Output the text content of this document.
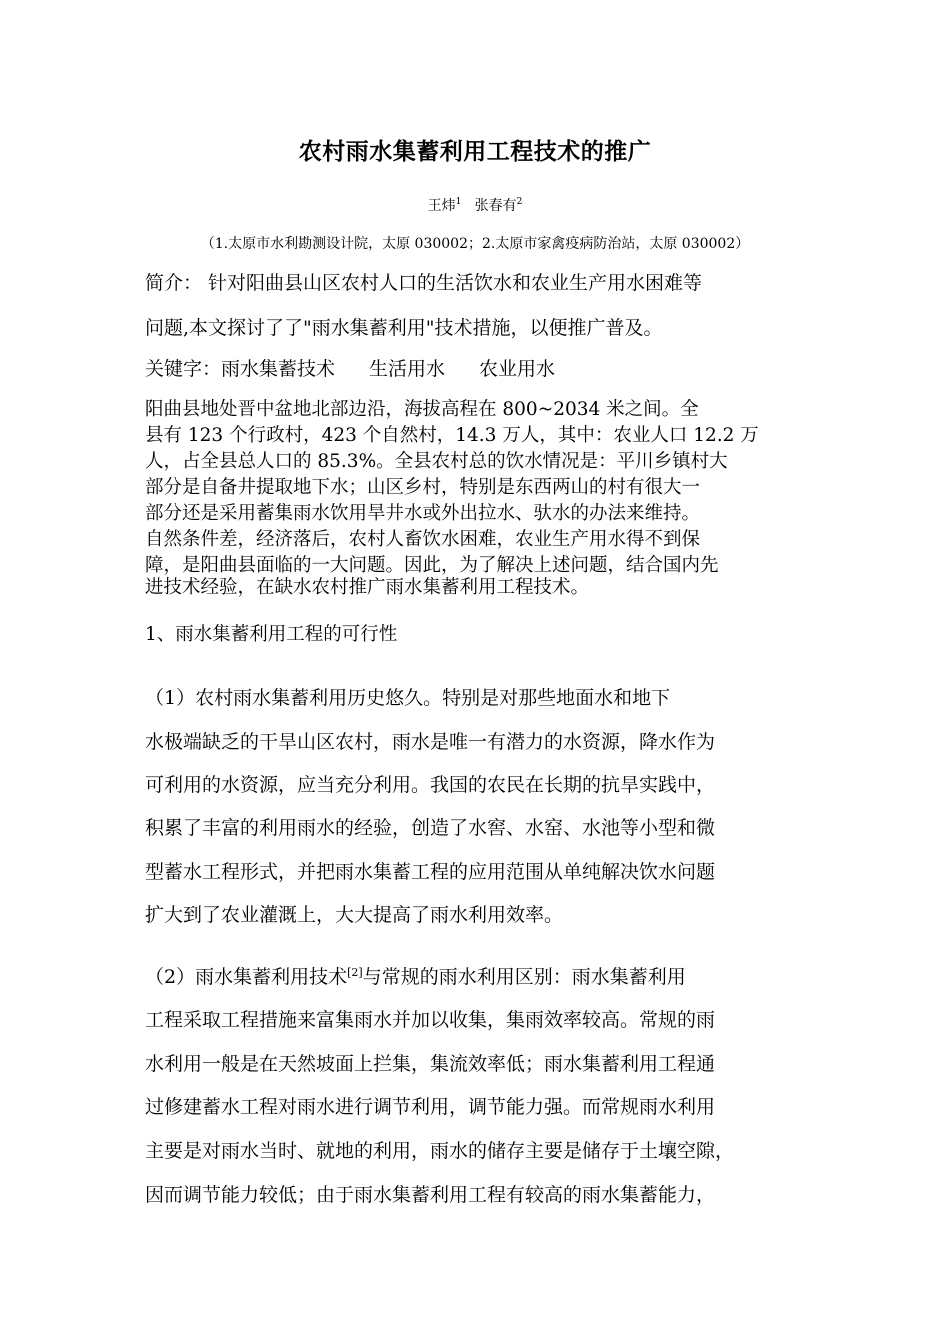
农村雨水集蓄利用工程技术的推广
王炜$^1$ 张春有$^2$
（1.太原市水利勘测设计院，太原 030002；2.太原市家禽疫病防治站，太原 030002）
简介： 针对阳曲县山区农村人口的生活饮水和农业生产用水困难等
问题,本文探讨了了"雨水集蓄利用"技术措施，以便推广普及。
关键字：雨水集蓄技术 生活用水 农业用水
阳曲县地处晋中盆地北部边沿，海拔高程在 800~2034 米之间。全
县有 123 个行政村，423 个自然村，14.3 万人，其中：农业人口 12.2 万
人，占全县总人口的 85.3%。全县农村总的饮水情况是：平川乡镇村大
部分是自备井提取地下水；山区乡村，特别是东西两山的村有很大一
部分还是采用蓄集雨水饮用旱井水或外出拉水、驮水的办法来维持。
自然条件差，经济落后，农村人畜饮水困难，农业生产用水得不到保
障，是阳曲县面临的一大问题。因此，为了解决上述问题，结合国内先
进技术经验，在缺水农村推广雨水集蓄利用工程技术。
1、雨水集蓄利用工程的可行性
（1）农村雨水集蓄利用历史悠久。特别是对那些地面水和地下
水极端缺乏的干旱山区农村，雨水是唯一有潜力的水资源，降水作为
可利用的水资源，应当充分利用。我国的农民在长期的抗旱实践中，
积累了丰富的利用雨水的经验，创造了水窖、水窑、水池等小型和微
型蓄水工程形式，并把雨水集蓄工程的应用范围从单纯解决饮水问题
扩大到了农业灌溉上，大大提高了雨水利用效率。
（2）雨水集蓄利用技术[2]与常规的雨水利用区别：雨水集蓄利用
工程采取工程措施来富集雨水并加以收集，集雨效率较高。常规的雨
水利用一般是在天然坡面上拦集，集流效率低；雨水集蓄利用工程通
过修建蓄水工程对雨水进行调节利用，调节能力强。而常规雨水利用
主要是对雨水当时、就地的利用，雨水的储存主要是储存于土壤空隙，
因而调节能力较低；由于雨水集蓄利用工程有较高的雨水集蓄能力，
